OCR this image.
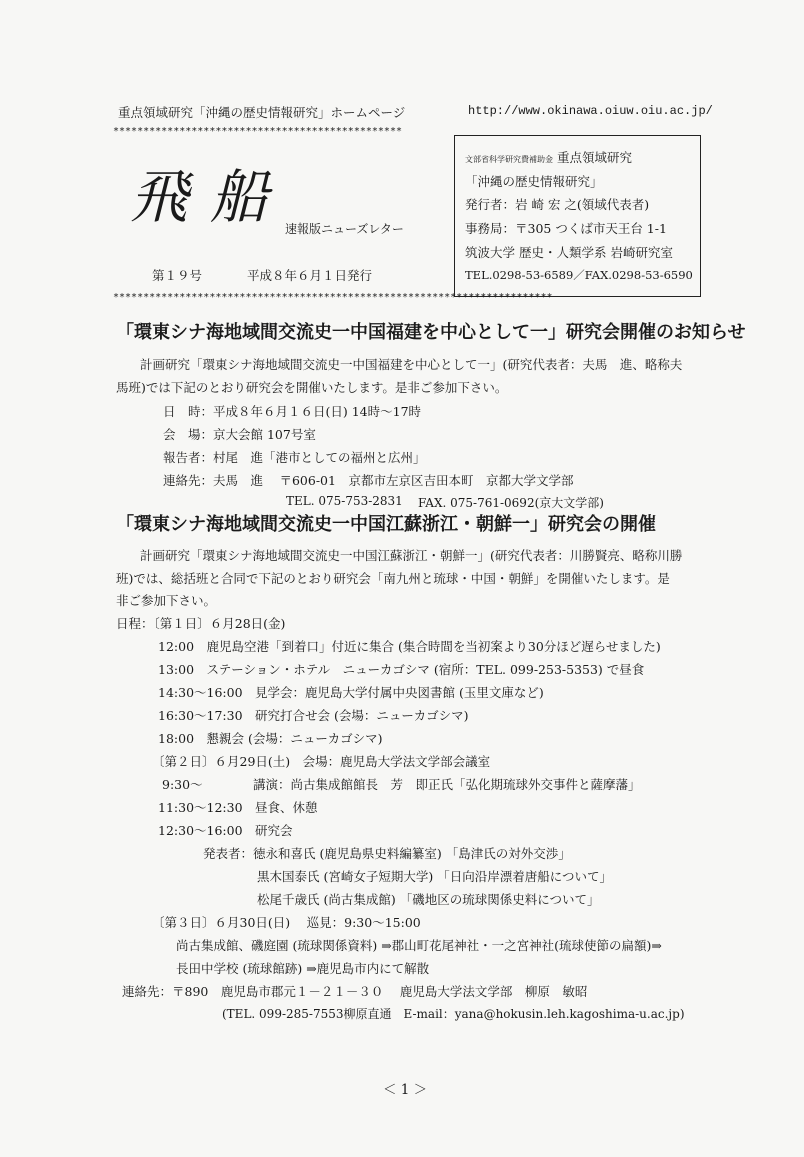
重点領域研究「沖縄の歴史情報研究」ホームページ	http://www.okinawa.oiuw.oiu.ac.jp/
************************************************
飛船
速報版ニューズレター
第１９号	平成８年６月１日発行
*************************************************************************
文部省科学研究費補助金 重点領域研究
「沖縄の歴史情報研究」
発行者：岩 崎 宏 之(領域代表者)
事務局：〒305 つくば市天王台 1-1
筑波大学 歴史・人類学系 岩崎研究室
TEL.0298-53-6589／FAX.0298-53-6590
「環東シナ海地域間交流史一中国福建を中心として一」研究会開催のお知らせ
計画研究「環東シナ海地域間交流史一中国福建を中心として一」(研究代表者：夫馬　進、略称夫
馬班)では下記のとおり研究会を開催いたします。是非ご参加下さい。
日　時：平成８年６月１６日(日) 14時～17時
会　場：京大会館 107号室
報告者：村尾　進「港市としての福州と広州」
連絡先：夫馬　進　 〒606-01　京都市左京区吉田本町　京都大学文学部
TEL. 075-753-2831 FAX. 075-761-0692(京大文学部)
「環東シナ海地域間交流史一中国江蘇浙江・朝鮮一」研究会の開催
計画研究「環東シナ海地域間交流史一中国江蘇浙江・朝鮮一」(研究代表者：川勝賢亮、略称川勝
班)では、総括班と合同で下記のとおり研究会「南九州と琉球・中国・朝鮮」を開催いたします。是
非ご参加下さい。
日程：〔第１日〕６月28日(金)
12:00　鹿児島空港「到着口」付近に集合 (集合時間を当初案より30分ほど遅らせました)
13:00　ステーション・ホテル　ニューカゴシマ (宿所：TEL. 099-253-5353) で昼食
14:30～16:00　見学会：鹿児島大学付属中央図書館 (玉里文庫など)
16:30～17:30　研究打合せ会 (会場：ニューカゴシマ)
18:00　懇親会 (会場：ニューカゴシマ)
〔第２日〕６月29日(土)　会場：鹿児島大学法文学部会議室
9:30～	講演：尚古集成館館長　芳　即正氏「弘化期琉球外交事件と薩摩藩」
11:30～12:30　昼食、休憩
12:30～16:00　研究会
発表者：徳永和喜氏 (鹿児島県史料編纂室) 「島津氏の対外交渉」
黒木国泰氏 (宮崎女子短期大学) 「日向沿岸漂着唐船について」
松尾千歳氏 (尚古集成館) 「磯地区の琉球関係史料について」
〔第３日〕６月30日(日)　 巡見：9:30～15:00
尚古集成館、磯庭園 (琉球関係資料) ⇒郡山町花尾神社・一之宮神社(琉球使節の扁額)⇒
長田中学校 (琉球館跡) ⇒鹿児島市内にて解散
連絡先：〒890　鹿児島市郡元１－２１－３０　 鹿児島大学法文学部　柳原　敏昭
(TEL. 099-285-7553柳原直通　E-mail：yana@hokusin.leh.kagoshima-u.ac.jp)
＜ 1 ＞
